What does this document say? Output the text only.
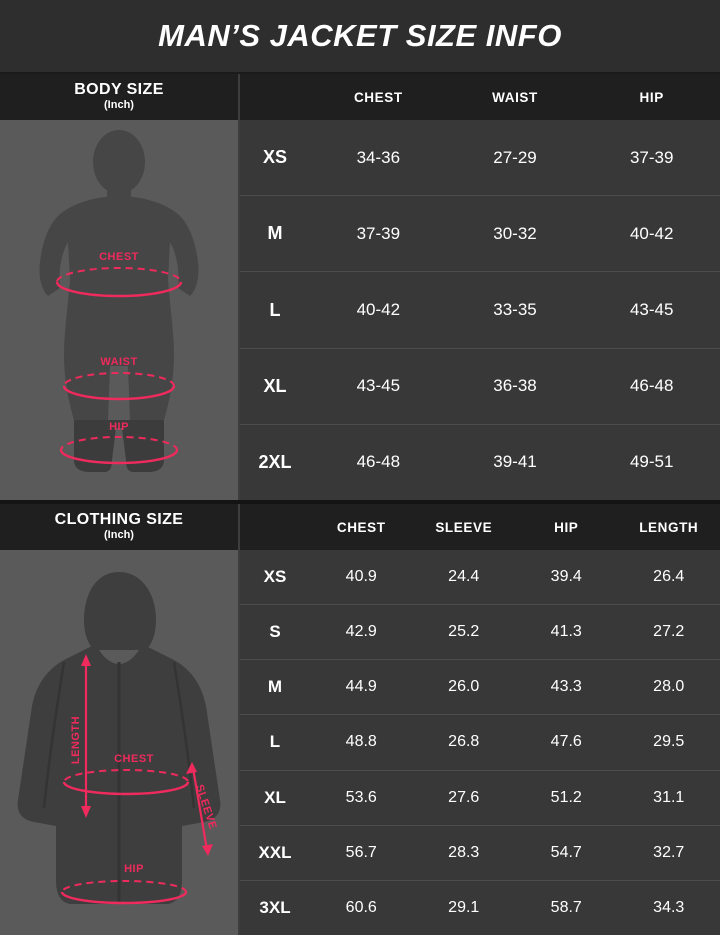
MAN’S JACKET SIZE INFO
BODY SIZE
(Inch)
CHEST	WAIST	HIP
CHEST
WAIST
HIP
XS	34-36	27-29	37-39
M	37-39	30-32	40-42
L	40-42	33-35	43-45
XL	43-45	36-38	46-48
2XL	46-48	39-41	49-51
CLOTHING SIZE
(Inch)
CHEST	SLEEVE	HIP	LENGTH
LENGTH	CHEST
SLEEVE
HIP
XS	40.9	24.4	39.4	26.4
S	42.9	25.2	41.3	27.2
M	44.9	26.0	43.3	28.0
L	48.8	26.8	47.6	29.5
XL	53.6	27.6	51.2	31.1
XXL	56.7	28.3	54.7	32.7
3XL	60.6	29.1	58.7	34.3
